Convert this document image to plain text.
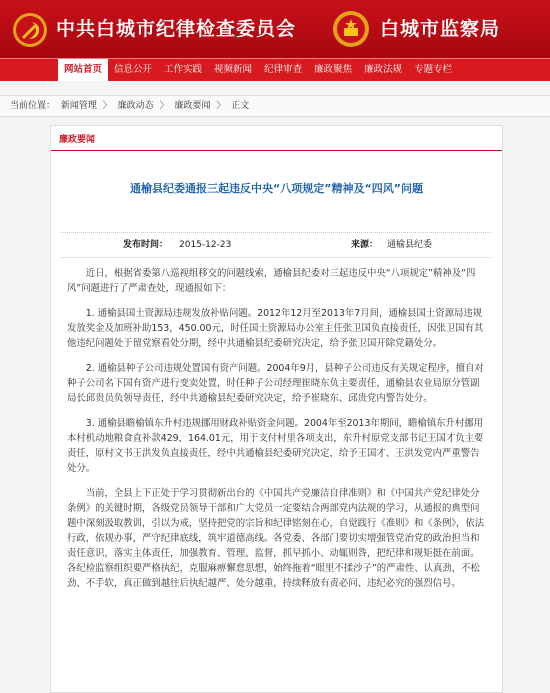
中共白城市纪律检查委员会	白城市监察局
网站首页	信息公开	工作实践	视频新闻	纪律审查	廉政聚焦	廉政法规	专题专栏
当前位置： 新闻管理 〉 廉政动态 〉 廉政要闻 〉 正文
廉政要闻
通榆县纪委通报三起违反中央“八项规定”精神及“四风”问题
发布时间： 2015-12-23	来源： 通榆县纪委

近日，根据省委第八巡视组移交的问题线索，通榆县纪委对三起违反中央“八项规定”精神及“四风”问题进行了严肃查处，现通报如下：

1. 通榆县国土资源局违规发放补贴问题。2012年12月至2013年7月间，通榆县国土资源局违规发放奖金及加班补助153，450.00元，时任国土资源局办公室主任张卫国负直接责任，因张卫国有其他违纪问题处于留党察看处分期，经中共通榆县纪委研究决定，给予张卫国开除党籍处分。

2. 通榆县种子公司违规处置国有资产问题。2004年9月，县种子公司违反有关规定程序，擅自对种子公司名下国有资产进行变卖处置，时任种子公司经理崔晓东负主要责任，通榆县农业局原分管副局长邱贵员负领导责任，经中共通榆县纪委研究决定，给予崔晓东、邱贵党内警告处分。

3. 通榆县瞻榆镇东升村违规挪用财政补贴资金问题。2004年至2013年期间，瞻榆镇东升村挪用本村机动地粮食直补款429，164.01元，用于支付村里各项支出，东升村原党支部书记王国才负主要责任，原村文书王洪发负直接责任，经中共通榆县纪委研究决定，给予王国才、王洪发党内严重警告处分。

当前，全县上下正处于学习贯彻新出台的《中国共产党廉洁自律准则》和《中国共产党纪律处分条例》的关键时期，各级党员领导干部和广大党员一定要结合两部党内法规的学习，从通报的典型问题中深刻汲取教训，引以为戒，坚持把党的宗旨和纪律铭刻在心，自觉践行《准则》和《条例》，依法行政，依规办事，严守纪律底线，筑牢道德高线。各党委、各部门要切实增强管党治党的政治担当和责任意识，落实主体责任，加强教育、管理、监督，抓早抓小、动辄则咎，把纪律和规矩挺在前面。各纪检监察组织要严格执纪，克服麻痹懈怠思想，始终拖着“眼里不揉沙子”的严肃性、认真劲，不松劲、不手软，真正做到越往后执纪越严、处分越重，持续释放有责必问、违纪必究的强烈信号。
